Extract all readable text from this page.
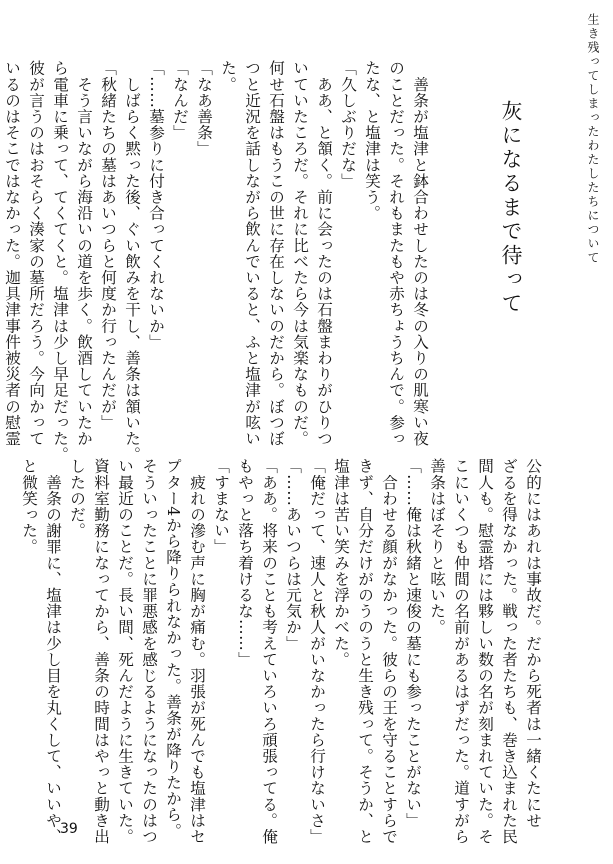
生き残ってしまったわたしたちについて
灰になるまで待って

　善条が塩津と鉢合わせしたのは冬の入りの肌寒い夜

のことだった。それもまたもや赤ちょうちんで。参っ

たな、と塩津は笑う。

「久しぶりだな」

　ああ、と頷く。前に会ったのは石盤まわりがひりつ

いていたころだ。それに比べたら今は気楽なものだ。

何せ石盤はもうこの世に存在しないのだから。ぼつぼ

つと近況を話しながら飲んでいると、ふと塩津が呟い

た。

「なあ善条」

「なんだ」

「……墓参りに付き合ってくれないか」

　しばらく黙った後、ぐい飲みを干し、善条は頷いた。

「秋緒たちの墓はあいつらと何度か行ったんだが」

　そう言いながら海沿いの道を歩く。飲酒していたか

ら電車に乗って、てくてくと。塩津は少し早足だった。

彼が言うのはおそらく湊家の墓所だろう。今向かって

いるのはそこではなかった。迦具津事件被災者の慰霊

公的にはあれは事故だ。だから死者は一緒くたにせ

ざるを得なかった。戦った者たちも、巻き込まれた民

間人も。慰霊塔には夥しい数の名が刻まれていた。そ

こにいくつも仲間の名前があるはずだった。道すがら

善条はぼそりと呟いた。

「……俺は秋緒と速俊の墓にも参ったことがない」

　合わせる顔がなかった。彼らの王を守ることすらで

きず、自分だけがのうのうと生き残って。そうか、と

塩津は苦い笑みを浮かべた。

「俺だって、速人と秋人がいなかったら行けないさ」

「……あいつらは元気か」

「ああ。将来のことも考えていろいろ頑張ってる。俺

もやっと落ち着けるな……」

「すまない」

　疲れの滲む声に胸が痛む。羽張が死んでも塩津はセ

プター4から降りられなかった。善条が降りたから。

そういったことに罪悪感を感じるようになったのはつ

い最近のことだ。長い間、死んだように生きていた。

資料室勤務になってから、善条の時間はやっと動き出

したのだ。

　善条の謝罪に、塩津は少し目を丸くして、いいや、

と微笑った。

39
